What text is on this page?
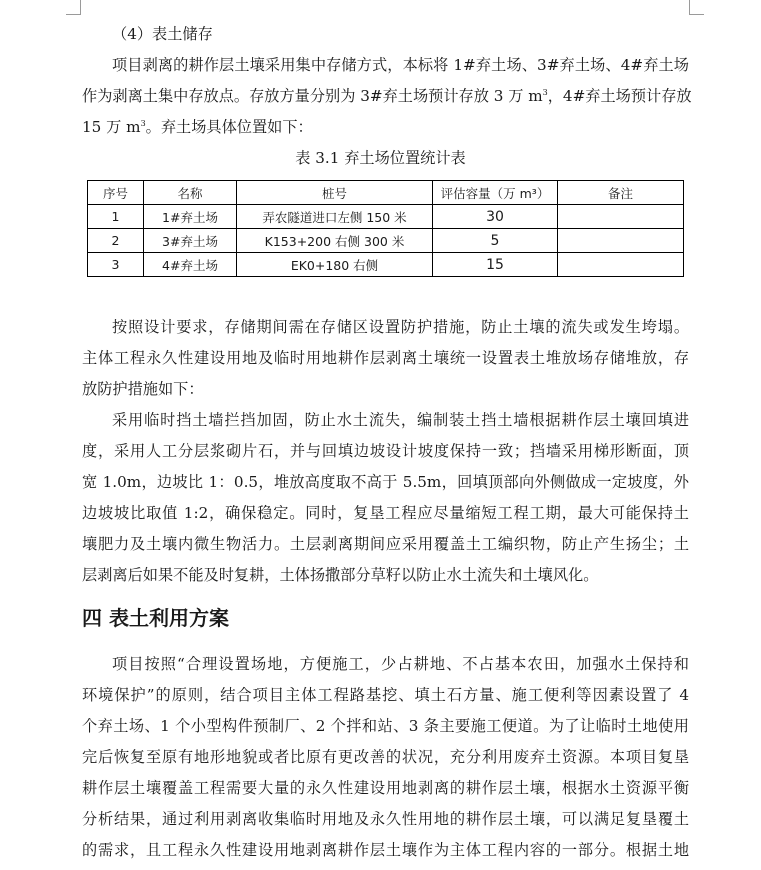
（4）表土储存
项目剥离的耕作层土壤采用集中存储方式，本标将 1#弃土场、3#弃土场、4#弃土场
作为剥离土集中存放点。存放方量分别为 3#弃土场预计存放 3 万 $m^3$，4#弃土场预计存放
15 万 $m^3$。弃土场具体位置如下：
表 3.1 弃土场位置统计表
序号	名称	桩号	评估容量（万 m³）	备注
1	1#弃土场	弄农隧道进口左侧 150 米	30	
2	3#弃土场	K153+200 右侧 300 米	5	
3	4#弃土场	EK0+180 右侧	15	
按照设计要求，存储期间需在存储区设置防护措施，防止土壤的流失或发生垮塌。
主体工程永久性建设用地及临时用地耕作层剥离土壤统一设置表土堆放场存储堆放，存
放防护措施如下：
采用临时挡土墙拦挡加固，防止水土流失，编制装土挡土墙根据耕作层土壤回填进
度，采用人工分层浆砌片石，并与回填边坡设计坡度保持一致；挡墙采用梯形断面，顶
宽 1.0m，边坡比 1：0.5，堆放高度取不高于 5.5m，回填顶部向外侧做成一定坡度，外
边坡坡比取值 1:2，确保稳定。同时，复垦工程应尽量缩短工程工期，最大可能保持土
壤肥力及土壤内微生物活力。土层剥离期间应采用覆盖土工编织物，防止产生扬尘；土
层剥离后如果不能及时复耕，土体扬撒部分草籽以防止水土流失和土壤风化。
四 表土利用方案
项目按照“合理设置场地，方便施工，少占耕地、不占基本农田，加强水土保持和
环境保护”的原则，结合项目主体工程路基挖、填土石方量、施工便利等因素设置了 4
个弃土场、1 个小型构件预制厂、2 个拌和站、3 条主要施工便道。为了让临时土地使用
完后恢复至原有地形地貌或者比原有更改善的状况，充分利用废弃土资源。本项目复垦
耕作层土壤覆盖工程需要大量的永久性建设用地剥离的耕作层土壤，根据水土资源平衡
分析结果，通过利用剥离收集临时用地及永久性用地的耕作层土壤，可以满足复垦覆土
的需求，且工程永久性建设用地剥离耕作层土壤作为主体工程内容的一部分。根据土地
